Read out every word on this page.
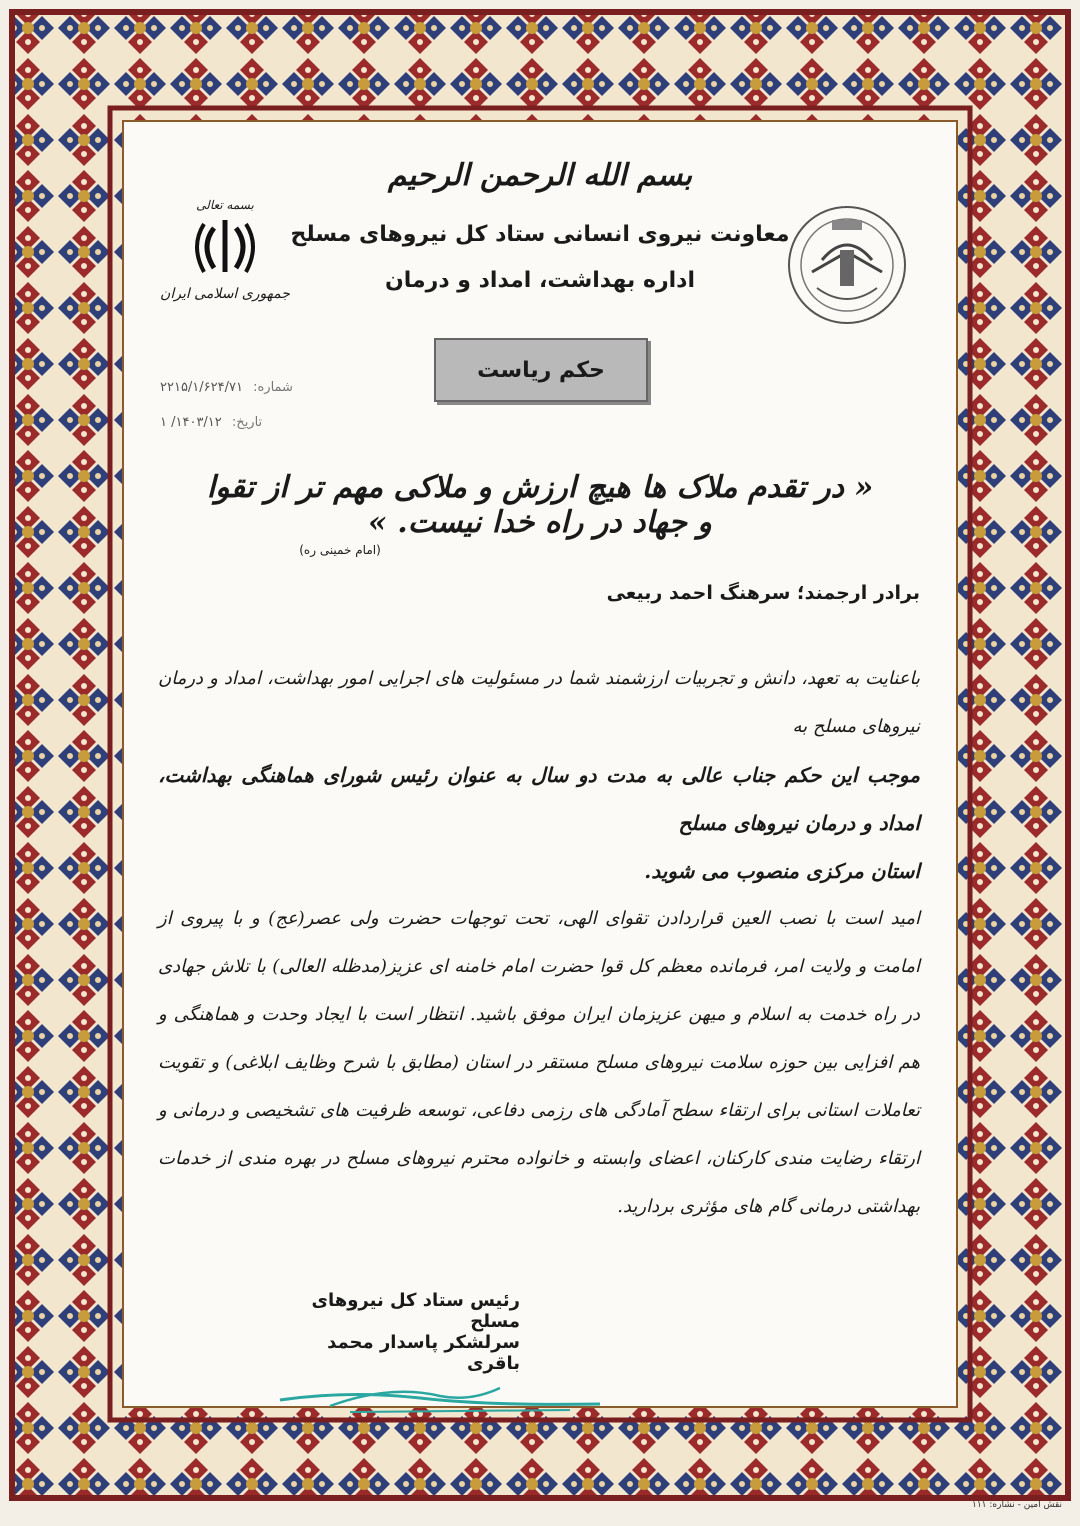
بسم الله الرحمن الرحيم
معاونت نیروی انسانی ستاد کل نیروهای مسلح
اداره بهداشت، امداد و درمان
بسمه تعالی
جمهوری اسلامی ایران
حکم ریاست
شماره: ۲۲۱۵/۱/۶۲۴/۷۱
تاریخ: ۱۴۰۳/۱۲/ ۱
« در تقدم ملاک ها هیچ ارزش و ملاکی مهم تر از تقوا و جهاد در راه خدا نیست. »
(امام خمینی ره)
برادر ارجمند؛ سرهنگ احمد ربیعی

باعنایت به تعهد، دانش و تجربیات ارزشمند شما در مسئولیت های اجرایی امور بهداشت، امداد و درمان نیروهای مسلح به

موجب این حکم جناب عالی به مدت دو سال به عنوان رئیس شورای هماهنگی بهداشت، امداد و درمان نیروهای مسلح

استان مرکزی منصوب می شوید.

امید است با نصب العین قراردادن تقوای الهی، تحت توجهات حضرت ولی عصر(عج) و با پیروی از امامت و ولایت امر، فرمانده معظم کل قوا حضرت امام خامنه ای عزیز(مدظله العالی) با تلاش جهادی در راه خدمت به اسلام و میهن عزیزمان ایران موفق باشید. انتظار است با ایجاد وحدت و هماهنگی و هم افزایی بین حوزه سلامت نیروهای مسلح مستقر در استان (مطابق با شرح وظایف ابلاغی) و تقویت تعاملات استانی برای ارتقاء سطح آمادگی های رزمی دفاعی، توسعه ظرفیت های تشخیصی و درمانی و ارتقاء رضایت مندی کارکنان، اعضای وابسته و خانواده محترم نیروهای مسلح در بهره مندی از خدمات بهداشتی درمانی گام های مؤثری بردارید.

رئیس ستاد کل نیروهای مسلح
سرلشکر پاسدار محمد باقری
نقش امین - نشاره: ۱۱۱
